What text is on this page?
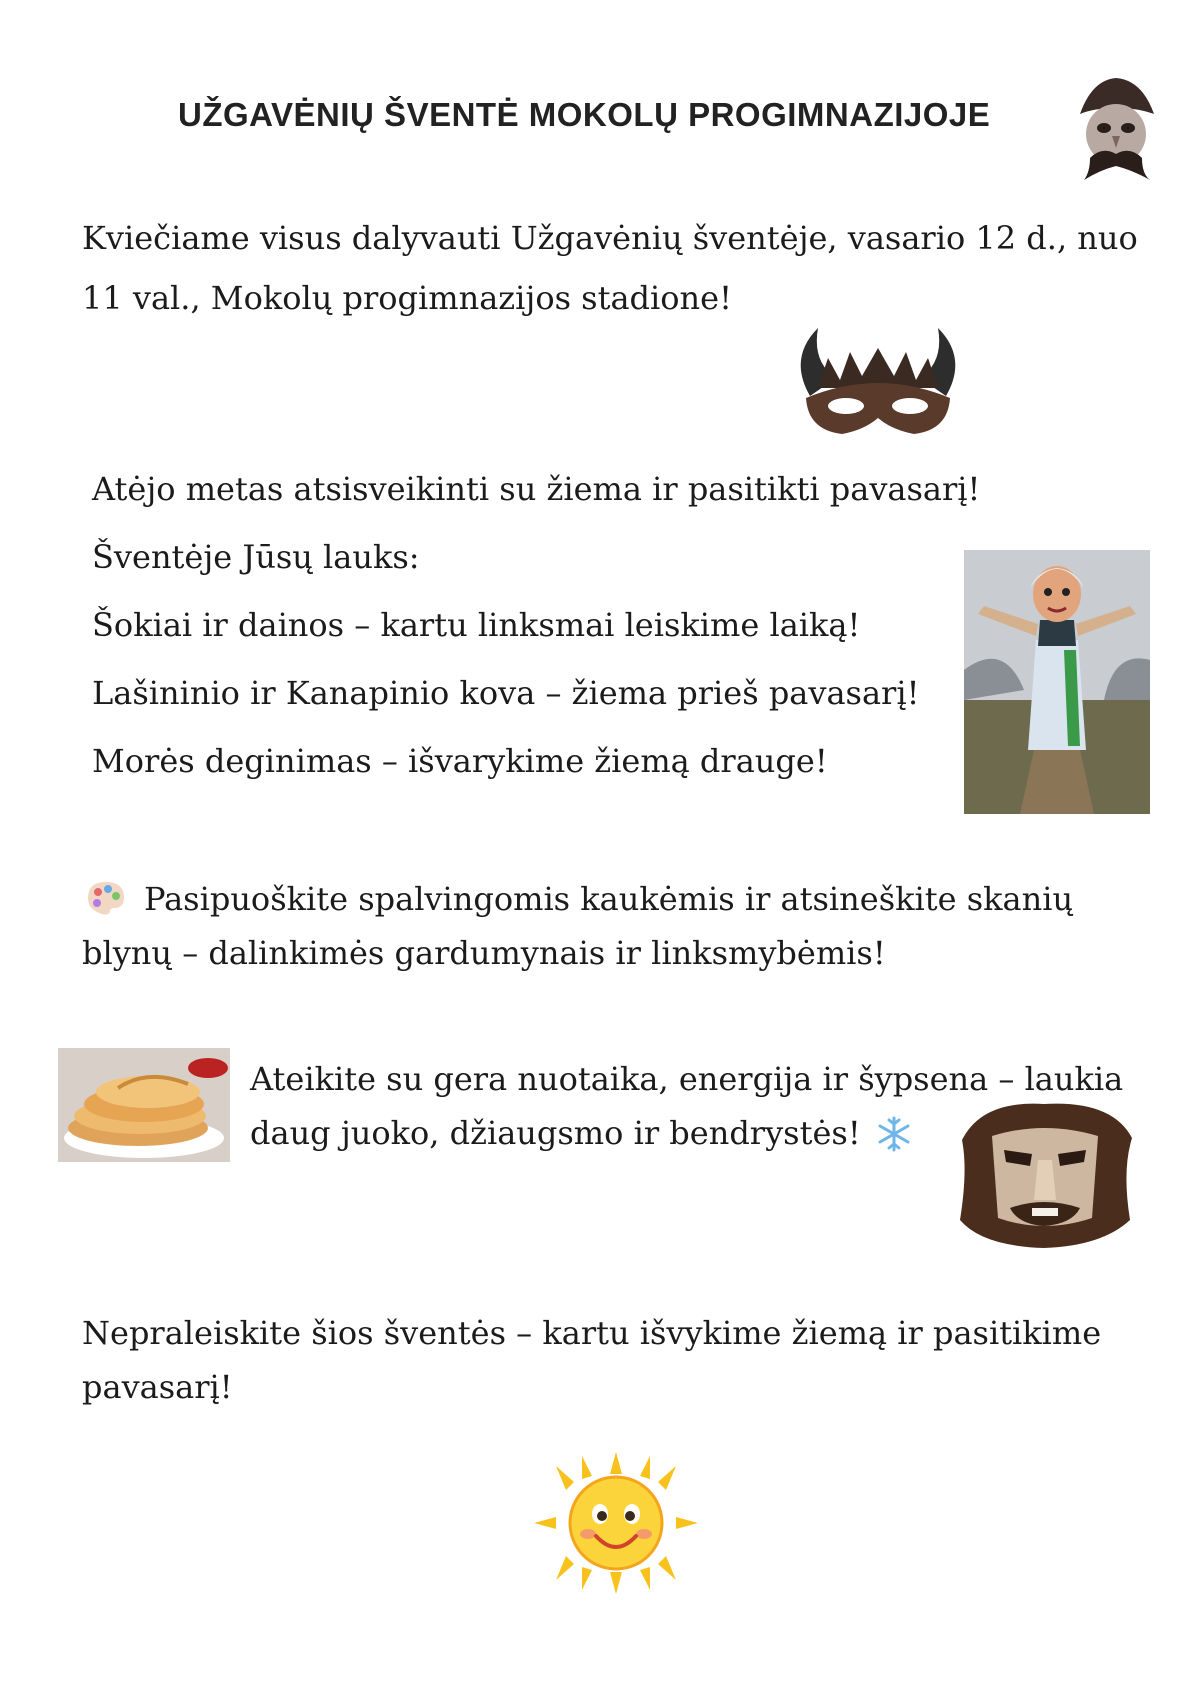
UŽGAVĖNIŲ ŠVENTĖ MOKOLŲ PROGIMNAZIJOJE
Kviečiame visus dalyvauti Užgavėnių šventėje, vasario 12 d., nuo
11 val., Mokolų progimnazijos stadione!
Atėjo metas atsisveikinti su žiema ir pasitikti pavasarį!
Šventėje Jūsų lauks:
Šokiai ir dainos – kartu linksmai leiskime laiką!
Lašininio ir Kanapinio kova – žiema prieš pavasarį!
Morės deginimas – išvarykime žiemą drauge!
Pasipuoškite spalvingomis kaukėmis ir atsineškite skanių
blynų – dalinkimės gardumynais ir linksmybėmis!
Ateikite su gera nuotaika, energija ir šypsena – laukia
daug juoko, džiaugsmo ir bendrystės!
Nepraleiskite šios šventės – kartu išvykime žiemą ir pasitikime
pavasarį!
